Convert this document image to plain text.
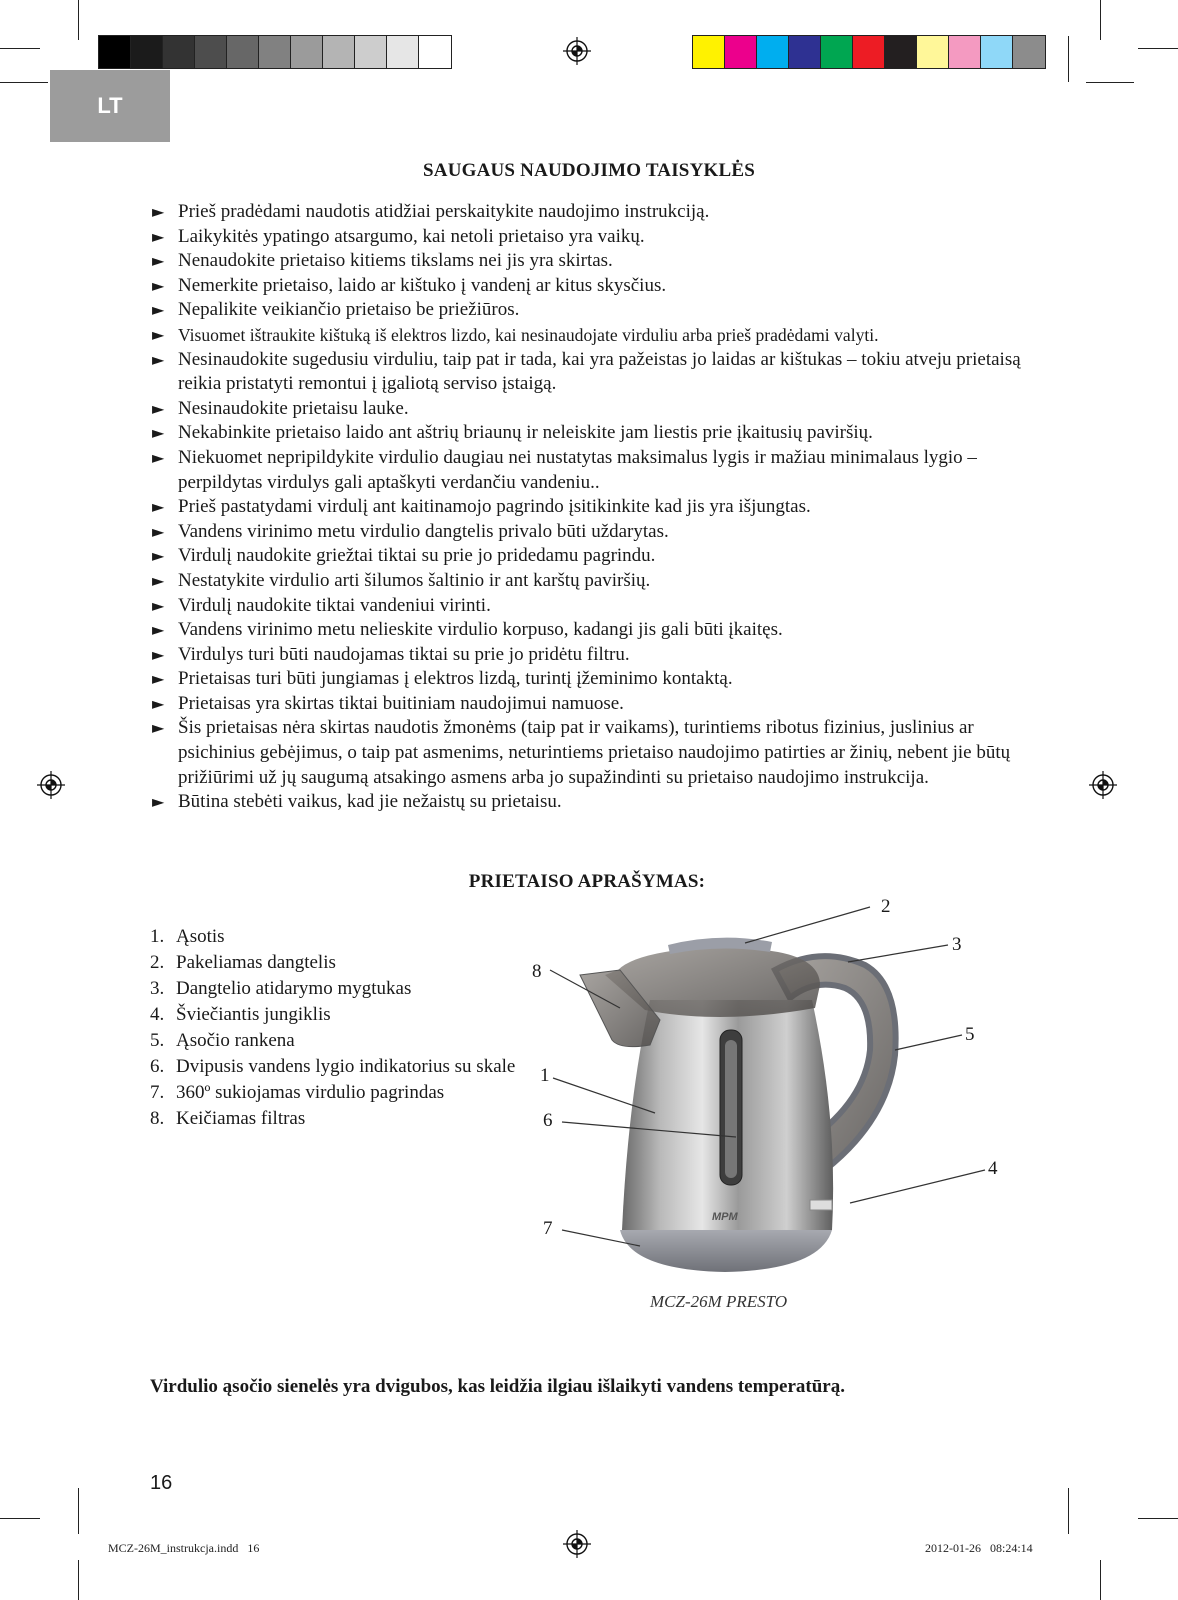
LT
SAUGAUS NAUDOJIMO TAISYKLĖS
► Prieš pradėdami naudotis atidžiai perskaitykite naudojimo instrukciją.
► Laikykitės ypatingo atsargumo, kai netoli prietaiso yra vaikų.
► Nenaudokite prietaiso kitiems tikslams nei jis yra skirtas.
► Nemerkite prietaiso, laido ar kištuko į vandenį ar kitus skysčius.
► Nepalikite veikiančio prietaiso be priežiūros.
► Visuomet ištraukite kištuką iš elektros lizdo, kai nesinaudojate virduliu arba prieš pradėdami valyti.
► Nesinaudokite sugedusiu virduliu, taip pat ir tada, kai yra pažeistas jo laidas ar kištukas – tokiu atveju prietaisą reikia pristatyti remontui į įgaliotą serviso įstaigą.
► Nesinaudokite prietaisu lauke.
► Nekabinkite prietaiso laido ant aštrių briaunų ir neleiskite jam liestis prie įkaitusių paviršių.
► Niekuomet nepripildykite virdulio daugiau nei nustatytas maksimalus lygis ir mažiau minimalaus lygio – perpildytas virdulys gali aptaškyti verdančiu vandeniu..
► Prieš pastatydami virdulį ant kaitinamojo pagrindo įsitikinkite kad jis yra išjungtas.
► Vandens virinimo metu virdulio dangtelis privalo būti uždarytas.
► Virdulį naudokite griežtai tiktai su prie jo pridedamu pagrindu.
► Nestatykite virdulio arti šilumos šaltinio ir ant karštų paviršių.
► Virdulį naudokite tiktai vandeniui virinti.
► Vandens virinimo metu nelieskite virdulio korpuso, kadangi jis gali būti įkaitęs.
► Virdulys turi būti naudojamas tiktai su prie jo pridėtu filtru.
► Prietaisas turi būti jungiamas į elektros lizdą, turintį įžeminimo kontaktą.
► Prietaisas yra skirtas tiktai buitiniam naudojimui namuose.
► Šis prietaisas nėra skirtas naudotis žmonėms (taip pat ir vaikams), turintiems ribotus fizinius, juslinius ar psichinius gebėjimus, o taip pat asmenims, neturintiems prietaiso naudojimo patirties ar žinių, nebent jie būtų prižiūrimi už jų saugumą atsakingo asmens arba jo supažindinti su prietaiso naudojimo instrukcija.
► Būtina stebėti vaikus, kad jie nežaistų su prietaisu.
PRIETAISO APRAŠYMAS:
1. Ąsotis
2. Pakeliamas dangtelis
3. Dangtelio atidarymo mygtukas
4. Šviečiantis jungiklis
5. Ąsočio rankena
6. Dvipusis vandens lygio indikatorius su skale
7. 360º sukiojamas virdulio pagrindas
8. Keičiamas filtras
MPM
2
3
5
4
8
1
6
7
MCZ-26M PRESTO
Virdulio ąsočio sienelės yra dvigubos, kas leidžia ilgiau išlaikyti vandens temperatūrą.
16
MCZ-26M_instrukcja.indd   16	2012-01-26   08:24:14
